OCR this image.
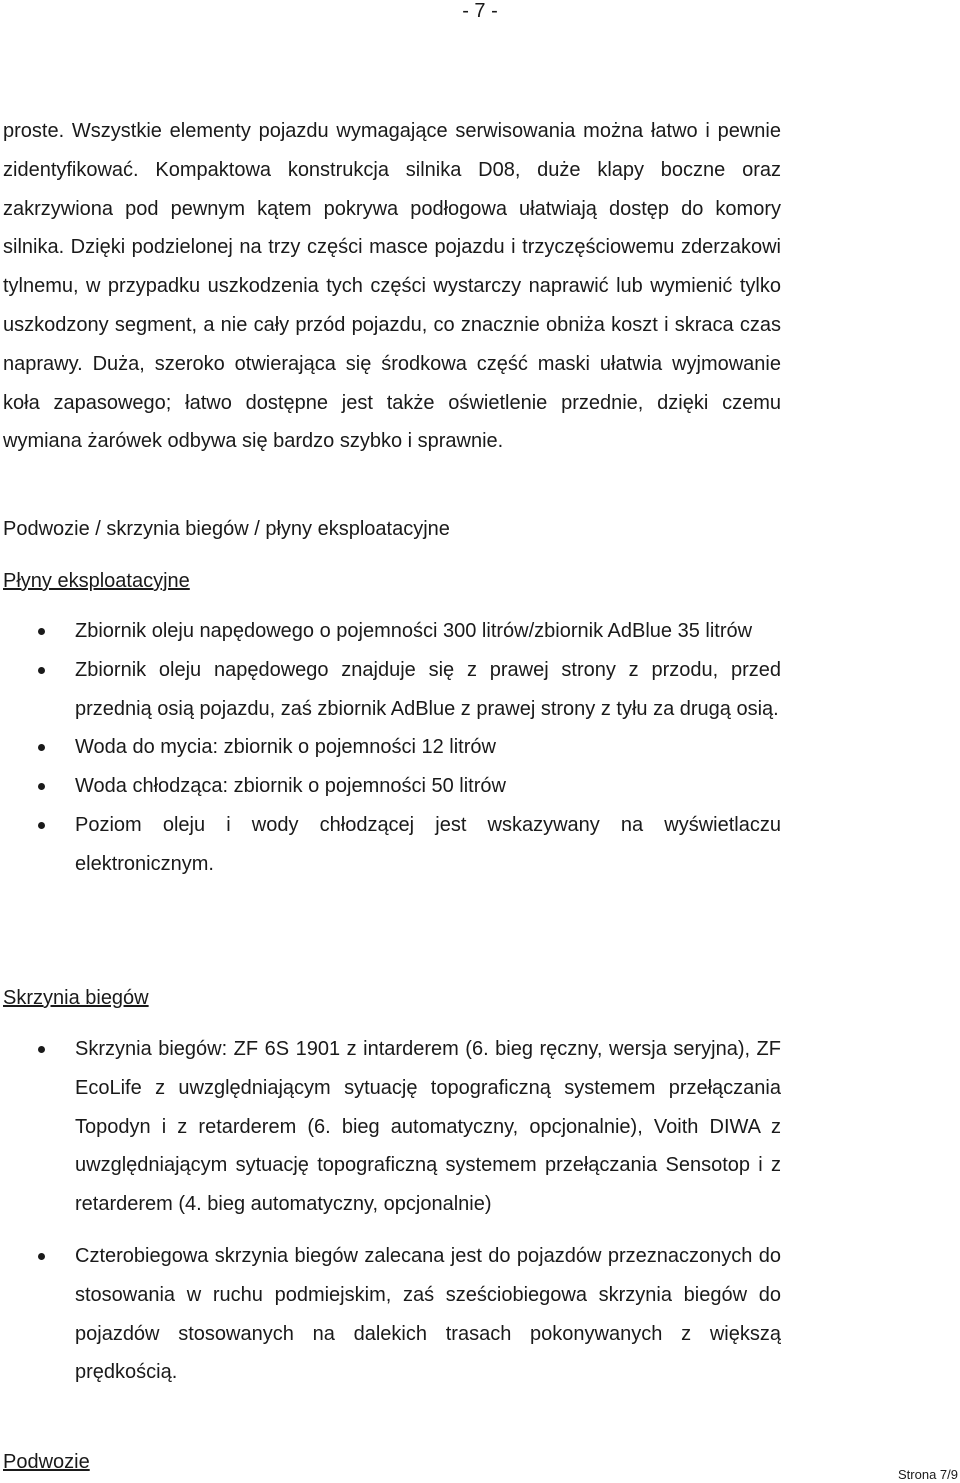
- 7 -

proste. Wszystkie elementy pojazdu wymagające serwisowania można łatwo i pewnie zidentyfikować. Kompaktowa konstrukcja silnika D08, duże klapy boczne oraz zakrzywiona pod pewnym kątem pokrywa podłogowa ułatwiają dostęp do komory silnika. Dzięki podzielonej na trzy części masce pojazdu i trzyczęściowemu zderzakowi tylnemu, w przypadku uszkodzenia tych części wystarczy naprawić lub wymienić tylko uszkodzony segment, a nie cały przód pojazdu, co znacznie obniża koszt i skraca czas naprawy. Duża, szeroko otwierająca się środkowa część maski ułatwia wyjmowanie koła zapasowego; łatwo dostępne jest także oświetlenie przednie, dzięki czemu wymiana żarówek odbywa się bardzo szybko i sprawnie.

Podwozie / skrzynia biegów / płyny eksploatacyjne

Płyny eksploatacyjne

Zbiornik oleju napędowego o pojemności 300 litrów/zbiornik AdBlue 35 litrów
Zbiornik oleju napędowego znajduje się z prawej strony z przodu, przed przednią osią pojazdu, zaś zbiornik AdBlue z prawej strony z tyłu za drugą osią.
Woda do mycia: zbiornik o pojemności 12 litrów
Woda chłodząca: zbiornik o pojemności 50 litrów
Poziom oleju i wody chłodzącej jest wskazywany na wyświetlaczu elektronicznym.

Skrzynia biegów

Skrzynia biegów: ZF 6S 1901 z intarderem (6. bieg ręczny, wersja seryjna), ZF EcoLife z uwzględniającym sytuację topograficzną systemem przełączania Topodyn i z retarderem (6. bieg automatyczny, opcjonalnie), Voith DIWA z uwzględniającym sytuację topograficzną systemem przełączania Sensotop i z retarderem (4. bieg automatyczny, opcjonalnie)
Czterobiegowa skrzynia biegów zalecana jest do pojazdów przeznaczonych do stosowania w ruchu podmiejskim, zaś sześciobiegowa skrzynia biegów do pojazdów stosowanych na dalekich trasach pokonywanych z większą prędkością.

Podwozie

Strona 7/9
